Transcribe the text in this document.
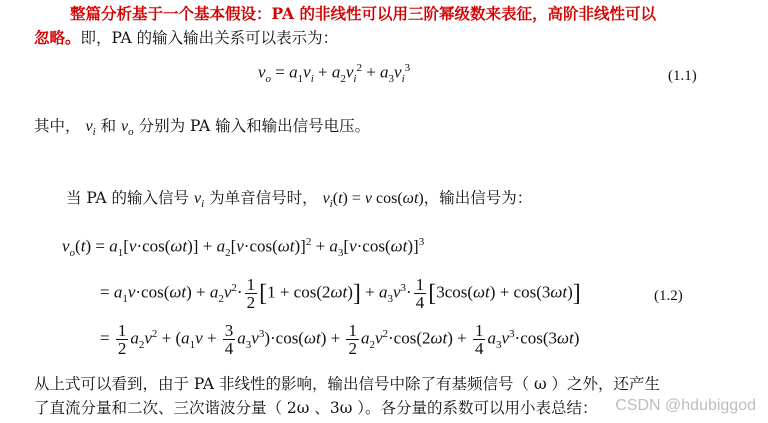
整篇分析基于一个基本假设：PA 的非线性可以用三阶幂级数来表征，高阶非线性可以
忽略。即，PA 的输入输出关系可以表示为：
$v_o = a_1v_i + a_2v_i^2 + a_3v_i^3$	(1.1)
其中， $v_i$ 和 $v_o$ 分别为 PA 输入和输出信号电压。
当 PA 的输入信号 $v_i$ 为单音信号时， $v_i(t) = v$ cos(ωt)，输出信号为：
$v_o(t) = a_1[v\cdot\cos(\omega t)] + a_2[v\cdot\cos(\omega t)]^2 + a_3[v\cdot\cos(\omega t)]^3$
= $a_1v\cdot\cos(\omega t) + a_2v^2\cdot \frac{1}{2} [1 + \cos(2\omega t)] + a_3v^3\cdot \frac{1}{4} [3\cos(\omega t) + \cos(3\omega t)]$	(1.2)
= $\frac{1}{2} a_2v^2 + (a_1v + \frac{3}{4} a_3v^3)\cdot\cos(\omega t) + \frac{1}{2} a_2v^2\cdot\cos(2\omega t) + \frac{1}{4} a_3v^3\cdot\cos(3\omega t)$
从上式可以看到，由于 PA 非线性的影响，输出信号中除了有基频信号（ ω ）之外，还产生
了直流分量和二次、三次谐波分量（ 2ω 、3ω ）。各分量的系数可以用小表总结： CSDN @hdubiggod
